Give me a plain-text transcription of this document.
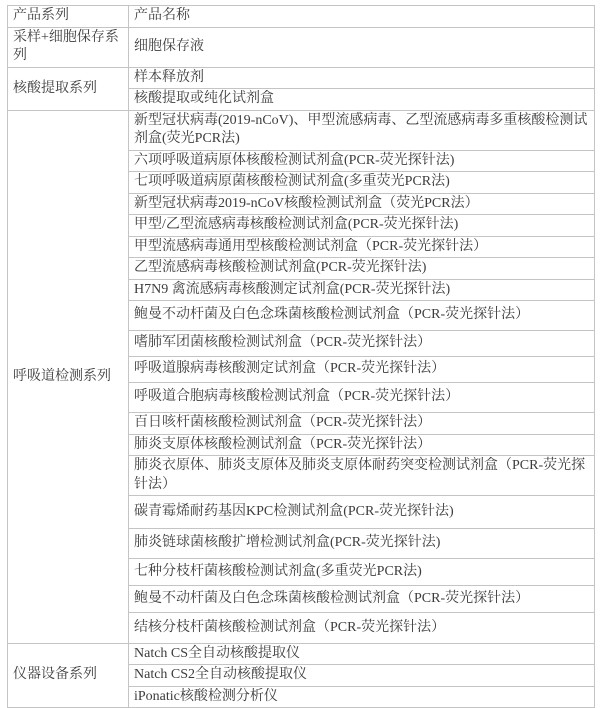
产品系列	产品名称
采样+细胞保存系列	细胞保存液
核酸提取系列	样本释放剂
	核酸提取或纯化试剂盒
呼吸道检测系列	新型冠状病毒(2019-nCoV)、甲型流感病毒、乙型流感病毒多重核酸检测试剂盒(荧光PCR法)
	六项呼吸道病原体核酸检测试剂盒(PCR-荧光探针法)
	七项呼吸道病原菌核酸检测试剂盒(多重荧光PCR法)
	新型冠状病毒2019-nCoV核酸检测试剂盒（荧光PCR法）
	甲型/乙型流感病毒核酸检测试剂盒(PCR-荧光探针法)
	甲型流感病毒通用型核酸检测试剂盒（PCR-荧光探针法）
	乙型流感病毒核酸检测试剂盒(PCR-荧光探针法)
	H7N9 禽流感病毒核酸测定试剂盒(PCR-荧光探针法)
	鲍曼不动杆菌及白色念珠菌核酸检测试剂盒（PCR-荧光探针法）
	嗜肺军团菌核酸检测试剂盒（PCR-荧光探针法）
	呼吸道腺病毒核酸测定试剂盒（PCR-荧光探针法）
	呼吸道合胞病毒核酸检测试剂盒（PCR-荧光探针法）
	百日咳杆菌核酸检测试剂盒（PCR-荧光探针法）
	肺炎支原体核酸检测试剂盒（PCR-荧光探针法）
	肺炎衣原体、肺炎支原体及肺炎支原体耐药突变检测试剂盒（PCR-荧光探针法）
	碳青霉烯耐药基因KPC检测试剂盒(PCR-荧光探针法)
	肺炎链球菌核酸扩增检测试剂盒(PCR-荧光探针法)
	七种分枝杆菌核酸检测试剂盒(多重荧光PCR法)
	鲍曼不动杆菌及白色念珠菌核酸检测试剂盒（PCR-荧光探针法）
	结核分枝杆菌核酸检测试剂盒（PCR-荧光探针法）
仪器设备系列	Natch CS全自动核酸提取仪
	Natch CS2全自动核酸提取仪
	iPonatic核酸检测分析仪
